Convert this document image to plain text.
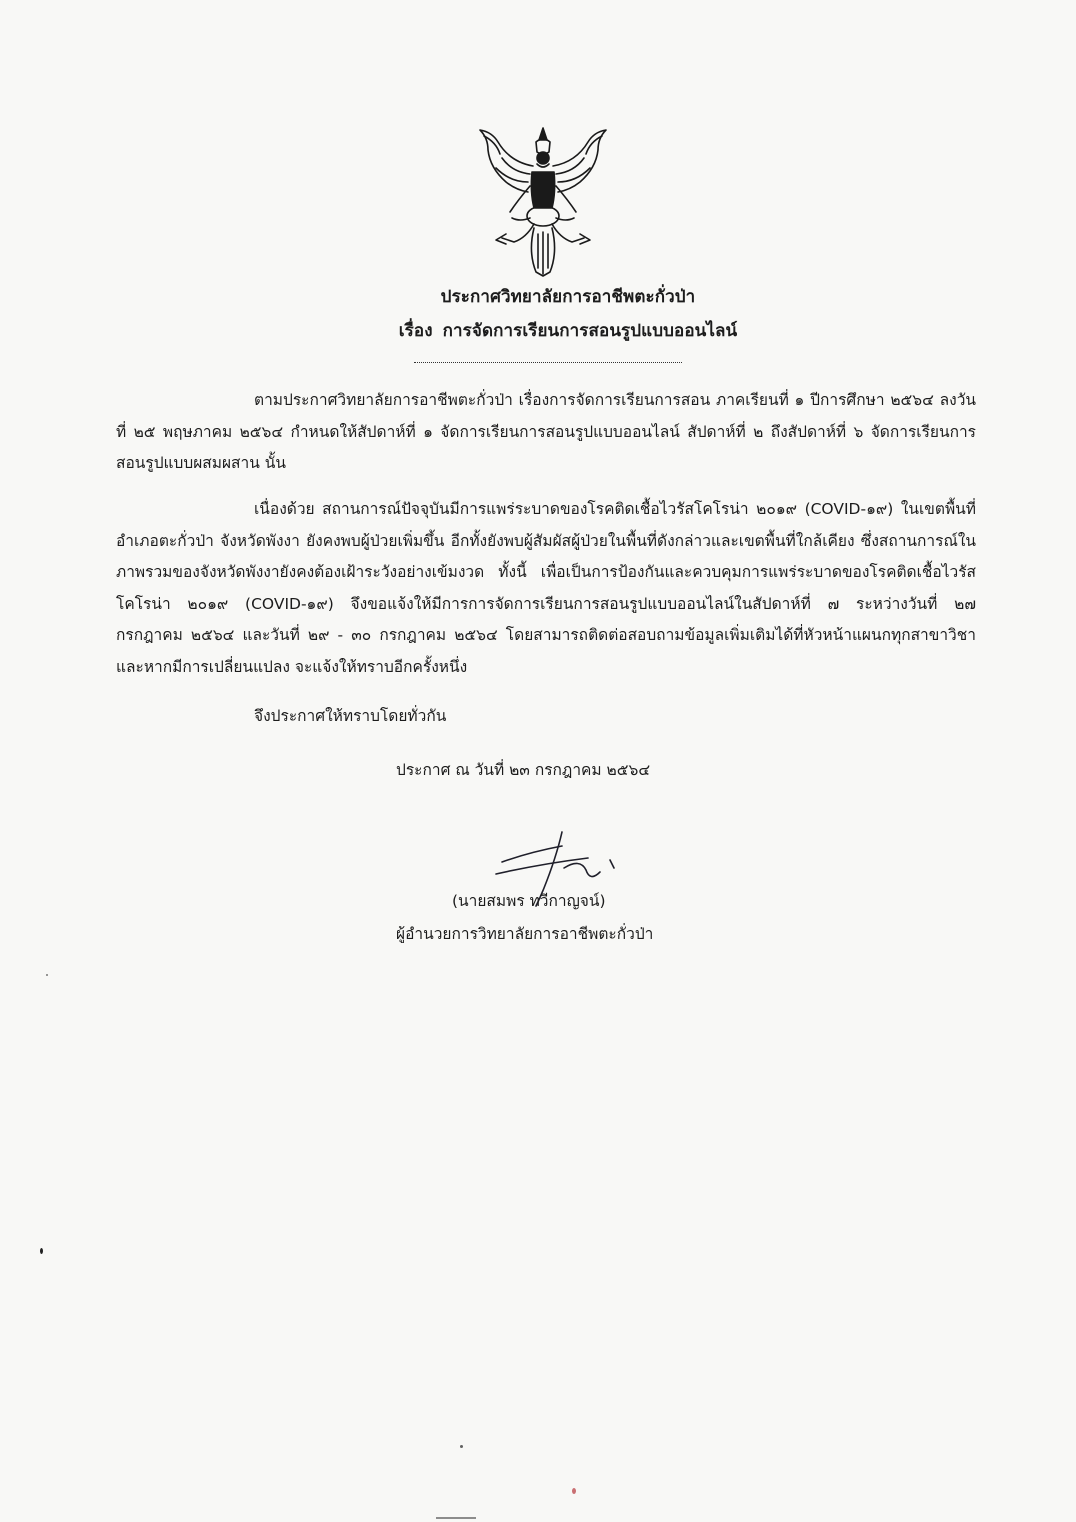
ประกาศวิทยาลัยการอาชีพตะกั่วป่า
เรื่อง การจัดการเรียนการสอนรูปแบบออนไลน์

ตามประกาศวิทยาลัยการอาชีพตะกั่วป่า เรื่องการจัดการเรียนการสอน ภาคเรียนที่ ๑ ปีการศึกษา ๒๕๖๔ ลงวันที่ ๒๕ พฤษภาคม ๒๕๖๔ กำหนดให้สัปดาห์ที่ ๑ จัดการเรียนการสอนรูปแบบออนไลน์ สัปดาห์ที่ ๒ ถึงสัปดาห์ที่ ๖ จัดการเรียนการสอนรูปแบบผสมผสาน นั้น

เนื่องด้วย สถานการณ์ปัจจุบันมีการแพร่ระบาดของโรคติดเชื้อไวรัสโคโรน่า ๒๐๑๙ (COVID-๑๙) ในเขตพื้นที่อำเภอตะกั่วป่า จังหวัดพังงา ยังคงพบผู้ป่วยเพิ่มขึ้น อีกทั้งยังพบผู้สัมผัสผู้ป่วยในพื้นที่ดังกล่าวและเขตพื้นที่ใกล้เคียง ซึ่งสถานการณ์ในภาพรวมของจังหวัดพังงายังคงต้องเฝ้าระวังอย่างเข้มงวด ทั้งนี้ เพื่อเป็นการป้องกันและควบคุมการแพร่ระบาดของโรคติดเชื้อไวรัสโคโรน่า ๒๐๑๙ (COVID-๑๙) จึงขอแจ้งให้มีการการจัดการเรียนการสอนรูปแบบออนไลน์ในสัปดาห์ที่ ๗ ระหว่างวันที่ ๒๗ กรกฎาคม ๒๕๖๔ และวันที่ ๒๙ - ๓๐ กรกฎาคม ๒๕๖๔ โดยสามารถติดต่อสอบถามข้อมูลเพิ่มเติมได้ที่หัวหน้าแผนกทุกสาขาวิชา และหากมีการเปลี่ยนแปลง จะแจ้งให้ทราบอีกครั้งหนึ่ง

จึงประกาศให้ทราบโดยทั่วกัน

ประกาศ ณ วันที่ ๒๓ กรกฎาคม ๒๕๖๔
(นายสมพร ทวีกาญจน์)
ผู้อำนวยการวิทยาลัยการอาชีพตะกั่วป่า
